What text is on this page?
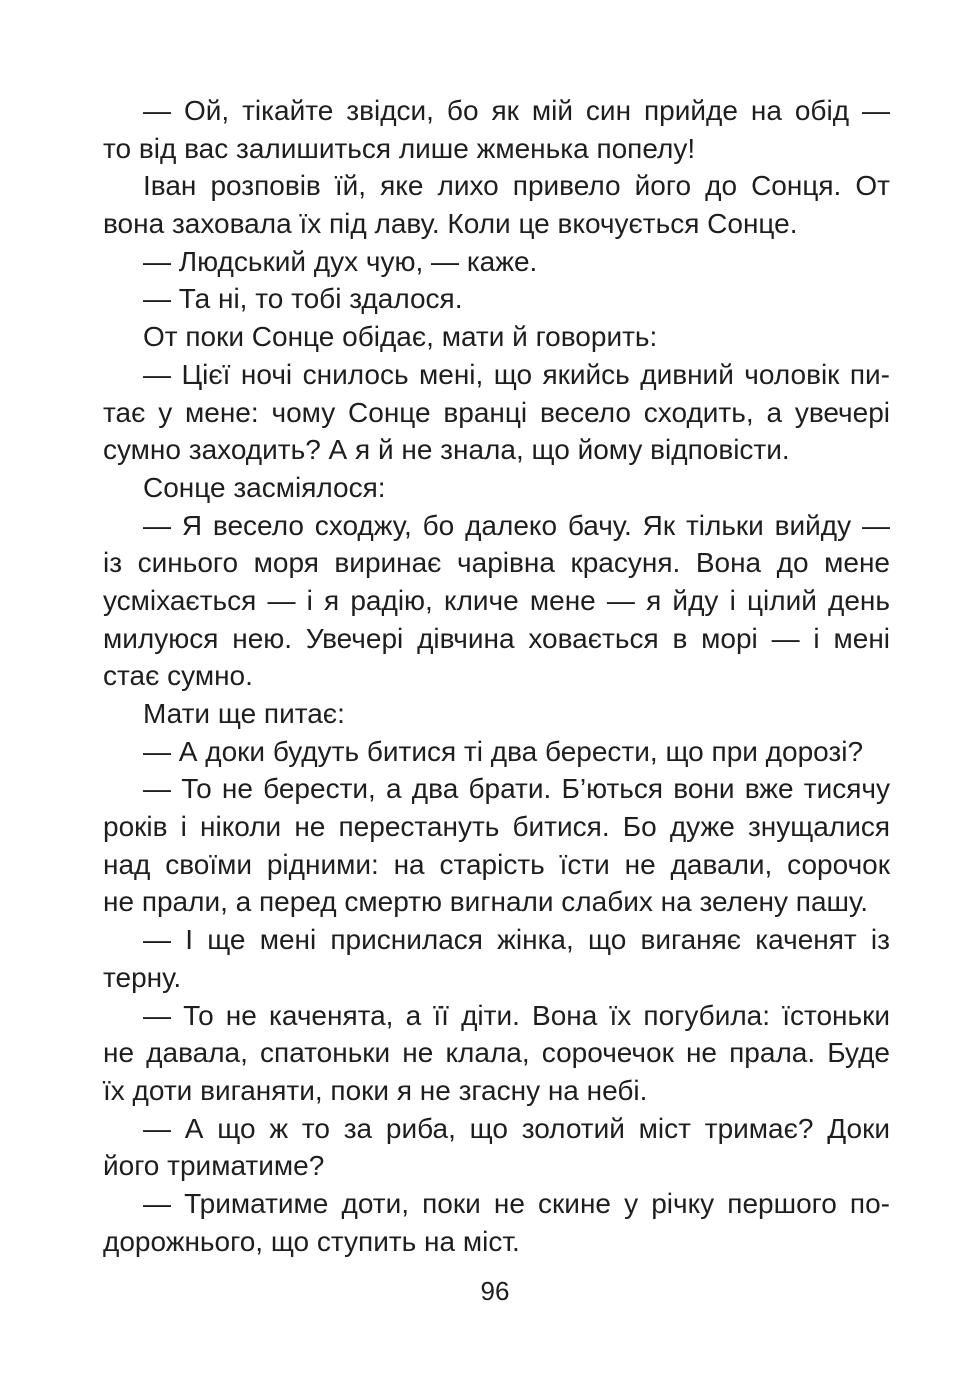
— Ой, тікайте звідси, бо як мій син прийде на обід —
то від вас залишиться лише жменька попелу!
Іван розповів їй, яке лихо привело його до Сонця. От
вона заховала їх під лаву. Коли це вкочується Сонце.
— Людський дух чую, — каже.
— Та ні, то тобі здалося.
От поки Сонце обідає, мати й говорить:
— Цієї ночі снилось мені, що якийсь дивний чоловік пи-
тає у мене: чому Сонце вранці весело сходить, а увечері
сумно заходить? А я й не знала, що йому відповісти.
Сонце засміялося:
— Я весело сходжу, бо далеко бачу. Як тільки вийду —
із синього моря виринає чарівна красуня. Вона до мене
усміхається — і я радію, кличе мене — я йду і цілий день
милуюся нею. Увечері дівчина ховається в морі — і мені
стає сумно.
Мати ще питає:
— А доки будуть битися ті два берести, що при дорозі?
— То не берести, а два брати. Б’ються вони вже тисячу
років і ніколи не перестануть битися. Бо дуже знущалися
над своїми рідними: на старість їсти не давали, сорочок
не прали, а перед смертю вигнали слабих на зелену пашу.
— І ще мені приснилася жінка, що виганяє каченят із
терну.
— То не каченята, а її діти. Вона їх погубила: їстоньки
не давала, спатоньки не клала, сорочечок не прала. Буде
їх доти виганяти, поки я не згасну на небі.
— А що ж то за риба, що золотий міст тримає? Доки
його триматиме?
— Триматиме доти, поки не скине у річку першого по-
дорожнього, що ступить на міст.
96
